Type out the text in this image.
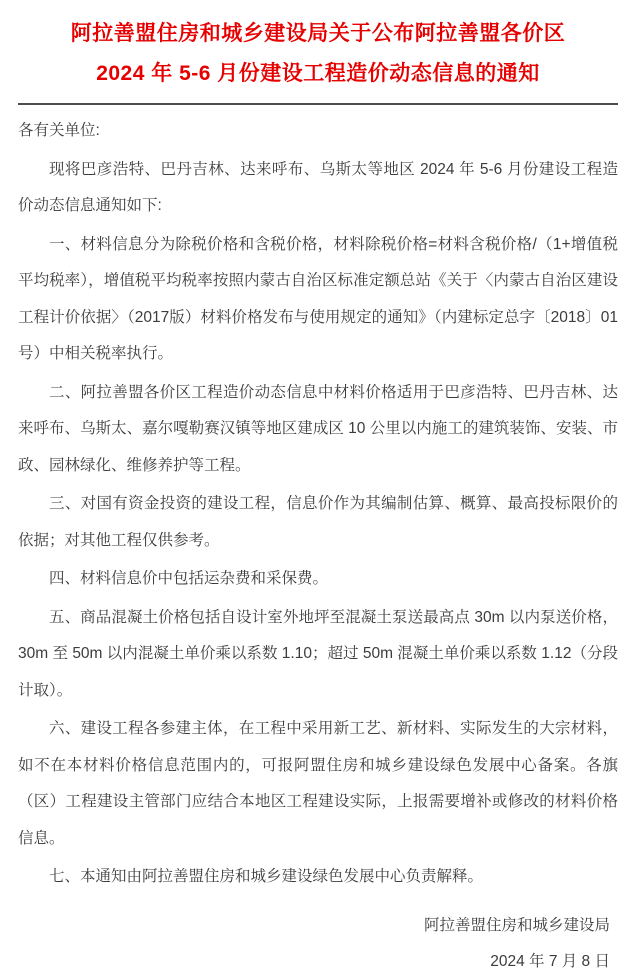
阿拉善盟住房和城乡建设局关于公布阿拉善盟各价区
2024 年 5-6 月份建设工程造价动态信息的通知

各有关单位:

现将巴彦浩特、巴丹吉林、达来呼布、乌斯太等地区 2024 年 5-6 月份建设工程造价动态信息通知如下:

一、材料信息分为除税价格和含税价格，材料除税价格=材料含税价格/（1+增值税平均税率），增值税平均税率按照内蒙古自治区标准定额总站《关于〈内蒙古自治区建设工程计价依据〉（2017版）材料价格发布与使用规定的通知》（内建标定总字〔2018〕01 号）中相关税率执行。

二、阿拉善盟各价区工程造价动态信息中材料价格适用于巴彦浩特、巴丹吉林、达来呼布、乌斯太、嘉尔嘎勒赛汉镇等地区建成区 10 公里以内施工的建筑装饰、安装、市政、园林绿化、维修养护等工程。

三、对国有资金投资的建设工程，信息价作为其编制估算、概算、最高投标限价的依据；对其他工程仅供参考。

四、材料信息价中包括运杂费和采保费。

五、商品混凝土价格包括自设计室外地坪至混凝土泵送最高点 30m 以内泵送价格，30m 至 50m 以内混凝土单价乘以系数 1.10；超过 50m 混凝土单价乘以系数 1.12（分段计取）。

六、建设工程各参建主体，在工程中采用新工艺、新材料、实际发生的大宗材料，如不在本材料价格信息范围内的，可报阿盟住房和城乡建设绿色发展中心备案。各旗（区）工程建设主管部门应结合本地区工程建设实际，上报需要增补或修改的材料价格信息。

七、本通知由阿拉善盟住房和城乡建设绿色发展中心负责解释。

阿拉善盟住房和城乡建设局

2024 年 7 月 8 日
